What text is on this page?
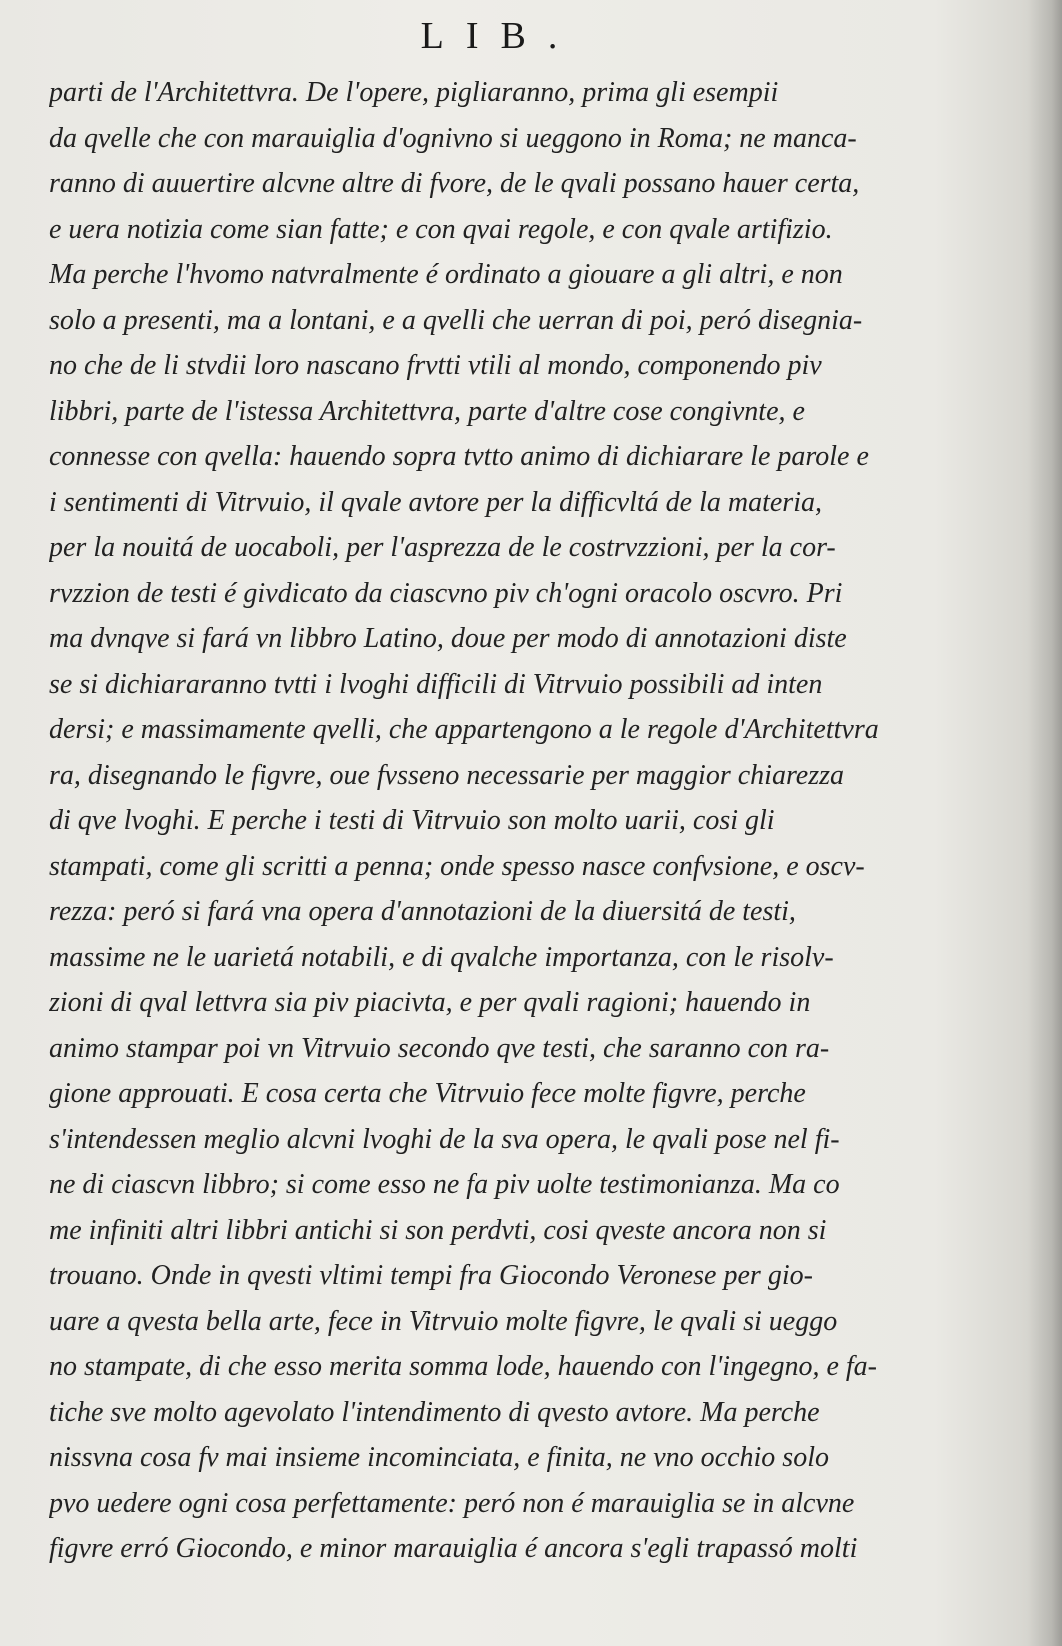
LIB.
parti de l'Architettvra. De l'opere, pigliaranno, prima gli esempii
da qvelle che con marauiglia d'ognivno si ueggono in Roma; ne manca-
ranno di auuertire alcvne altre di fvore, de le qvali possano hauer certa,
e uera notizia come sian fatte; e con qvai regole, e con qvale artifizio.
Ma perche l'hvomo natvralmente é ordinato a giouare a gli altri, e non
solo a presenti, ma a lontani, e a qvelli che uerran di poi, peró disegnia-
no che de li stvdii loro nascano frvtti vtili al mondo, componendo piv
libbri, parte de l'istessa Architettvra, parte d'altre cose congivnte, e
connesse con qvella: hauendo sopra tvtto animo di dichiarare le parole e
i sentimenti di Vitrvuio, il qvale avtore per la difficvltá de la materia,
per la nouitá de uocaboli, per l'asprezza de le costrvzzioni, per la cor-
rvzzion de testi é givdicato da ciascvno piv ch'ogni oracolo oscvro. Pri
ma dvnqve si fará vn libbro Latino, doue per modo di annotazioni diste
se si dichiararanno tvtti i lvoghi difficili di Vitrvuio possibili ad inten
dersi; e massimamente qvelli, che appartengono a le regole d'Architettvra
ra, disegnando le figvre, oue fvsseno necessarie per maggior chiarezza
di qve lvoghi. E perche i testi di Vitrvuio son molto uarii, cosi gli
stampati, come gli scritti a penna; onde spesso nasce confvsione, e oscv-
rezza: peró si fará vna opera d'annotazioni de la diuersitá de testi,
massime ne le uarietá notabili, e di qvalche importanza, con le risolv-
zioni di qval lettvra sia piv piacivta, e per qvali ragioni; hauendo in
animo stampar poi vn Vitrvuio secondo qve testi, che saranno con ra-
gione approuati. E cosa certa che Vitrvuio fece molte figvre, perche
s'intendessen meglio alcvni lvoghi de la sva opera, le qvali pose nel fi-
ne di ciascvn libbro; si come esso ne fa piv uolte testimonianza. Ma co
me infiniti altri libbri antichi si son perdvti, cosi qveste ancora non si
trouano. Onde in qvesti vltimi tempi fra Giocondo Veronese per gio-
uare a qvesta bella arte, fece in Vitrvuio molte figvre, le qvali si ueggo
no stampate, di che esso merita somma lode, hauendo con l'ingegno, e fa-
tiche sve molto agevolato l'intendimento di qvesto avtore. Ma perche
nissvna cosa fv mai insieme incominciata, e finita, ne vno occhio solo
pvo uedere ogni cosa perfettamente: peró non é marauiglia se in alcvne
figvre erró Giocondo, e minor marauiglia é ancora s'egli trapassó molti
